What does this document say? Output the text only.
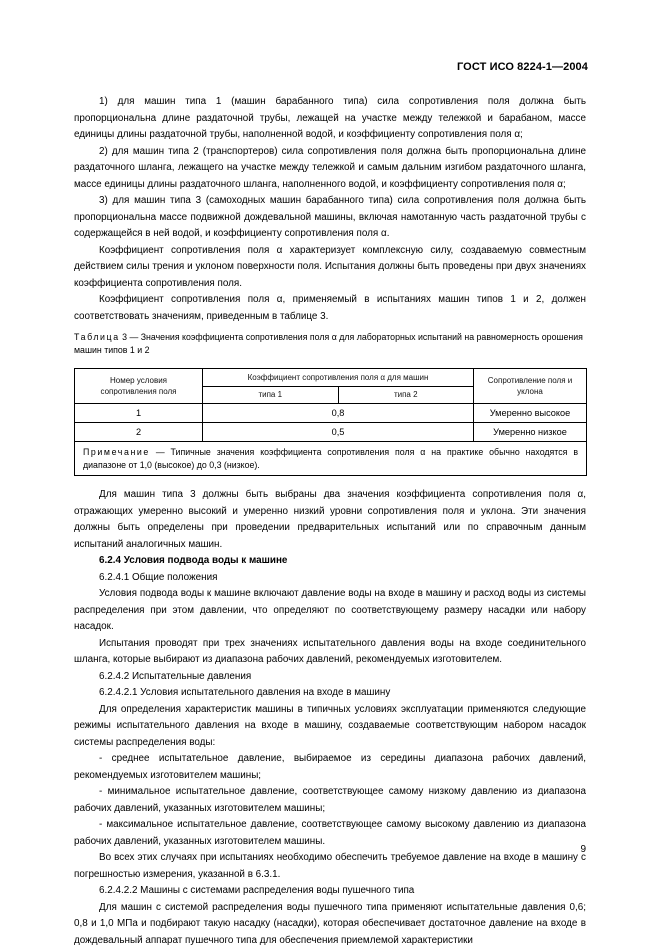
ГОСТ ИСО 8224-1—2004

1) для машин типа 1 (машин барабанного типа) сила сопротивления поля должна быть пропорциональна длине раздаточной трубы, лежащей на участке между тележкой и барабаном, массе единицы длины раздаточной трубы, наполненной водой, и коэффициенту сопротивления поля α;

2) для машин типа 2 (транспортеров) сила сопротивления поля должна быть пропорциональна длине раздаточного шланга, лежащего на участке между тележкой и самым дальним изгибом раздаточного шланга, массе единицы длины раздаточного шланга, наполненного водой, и коэффициенту сопротивления поля α;

3) для машин типа 3 (самоходных машин барабанного типа) сила сопротивления поля должна быть пропорциональна массе подвижной дождевальной машины, включая намотанную часть раздаточной трубы с содержащейся в ней водой, и коэффициенту сопротивления поля α.

Коэффициент сопротивления поля α характеризует комплексную силу, создаваемую совместным действием силы трения и уклоном поверхности поля. Испытания должны быть проведены при двух значениях коэффициента сопротивления поля.

Коэффициент сопротивления поля α, применяемый в испытаниях машин типов 1 и 2, должен соответствовать значениям, приведенным в таблице 3.

Таблица 3 — Значения коэффициента сопротивления поля α для лабораторных испытаний на равномерность орошения машин типов 1 и 2

Номер условия сопротивления поля	Коэффициент сопротивления поля α для машин		Сопротивление поля и уклона
	типа 1	типа 2	
1	0,8		Умеренно высокое
2	0,5		Умеренно низкое
Примечание — Типичные значения коэффициента сопротивления поля α на практике обычно находятся в диапазоне от 1,0 (высокое) до 0,3 (низкое).			

Для машин типа 3 должны быть выбраны два значения коэффициента сопротивления поля α, отражающих умеренно высокий и умеренно низкий уровни сопротивления поля и уклона. Эти значения должны быть определены при проведении предварительных испытаний или по справочным данным испытаний аналогичных машин.

6.2.4 Условия подвода воды к машине

6.2.4.1 Общие положения

Условия подвода воды к машине включают давление воды на входе в машину и расход воды из системы распределения при этом давлении, что определяют по соответствующему размеру насадки или набору насадок.

Испытания проводят при трех значениях испытательного давления воды на входе соединительного шланга, которые выбирают из диапазона рабочих давлений, рекомендуемых изготовителем.

6.2.4.2 Испытательные давления

6.2.4.2.1 Условия испытательного давления на входе в машину

Для определения характеристик машины в типичных условиях эксплуатации применяются следующие режимы испытательного давления на входе в машину, создаваемые соответствующим набором насадок системы распределения воды:

- среднее испытательное давление, выбираемое из середины диапазона рабочих давлений, рекомендуемых изготовителем машины;

- минимальное испытательное давление, соответствующее самому низкому давлению из диапазона рабочих давлений, указанных изготовителем машины;

- максимальное испытательное давление, соответствующее самому высокому давлению из диапазона рабочих давлений, указанных изготовителем машины.

Во всех этих случаях при испытаниях необходимо обеспечить требуемое давление на входе в машину с погрешностью измерения, указанной в 6.3.1.

6.2.4.2.2 Машины с системами распределения воды пушечного типа

Для машин с системой распределения воды пушечного типа применяют испытательные давления 0,6; 0,8 и 1,0 МПа и подбирают такую насадку (насадки), которая обеспечивает достаточное давление на входе в дождевальный аппарат пушечного типа для обеспечения приемлемой характеристики

9
